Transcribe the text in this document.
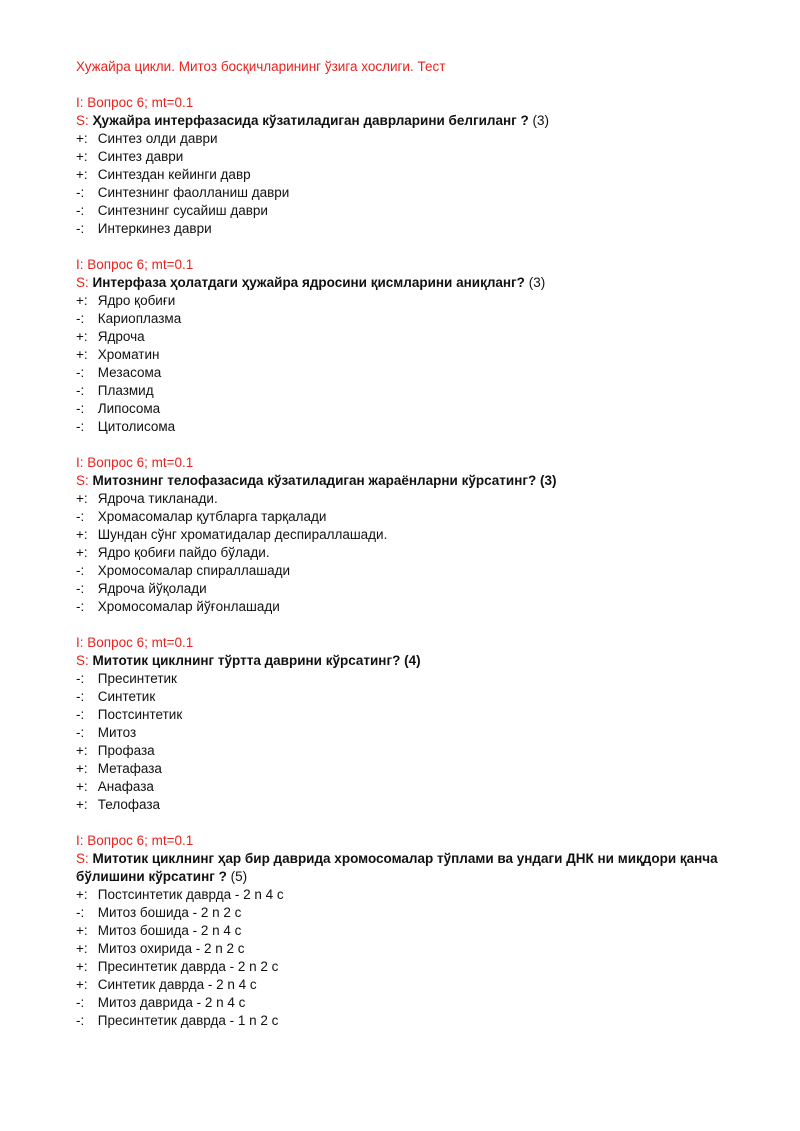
Хужайра цикли. Митоз босқичларининг ўзига хослиги. Тест
I: Вопрос 6; mt=0.1
S: Ҳужайра интерфазасида кўзатиладиган даврларини белгиланг ? (3)
+: Синтез олди даври
+: Синтез даври
+: Синтездан кейинги давр
-: Синтезнинг фаолланиш даври
-: Синтезнинг сусайиш даври
-: Интеркинез даври
I: Вопрос 6; mt=0.1
S: Интерфаза ҳолатдаги ҳужайра ядросини қисмларини аниқланг? (3)
+: Ядро қобиғи
-: Кариоплазма
+: Ядроча
+: Хроматин
-: Мезасома
-: Плазмид
-: Липосома
-: Цитолисома
I: Вопрос 6; mt=0.1
S: Митознинг телофазасида кўзатиладиган жараёнларни кўрсатинг? (3)
+: Ядроча тикланади.
-: Хромасомалар қутбларга тарқалади
+: Шундан сўнг хроматидалар деспираллашади.
+: Ядро қобиғи пайдо бўлади.
-: Хромосомалар спираллашади
-: Ядроча йўқолади
-: Хромосомалар йўғонлашади
I: Вопрос 6; mt=0.1
S: Митотик циклнинг тўртта даврини кўрсатинг? (4)
-: Пресинтетик
-: Синтетик
-: Постсинтетик
-: Митоз
+: Профаза
+: Метафаза
+: Анафаза
+: Телофаза
I: Вопрос 6; mt=0.1
S: Митотик циклнинг ҳар бир даврида хромосомалар тўплами ва ундаги ДНК ни миқдори қанча бўлишини кўрсатинг ? (5)
+: Постсинтетик даврда - 2 n 4 c
-: Митоз бошида - 2 n 2 c
+: Митоз бошида - 2 n 4 c
+: Митоз охирида - 2 n 2 c
+: Пресинтетик даврда - 2 n 2 c
+: Синтетик даврда - 2 n 4 c
-: Митоз даврида - 2 n 4 c
-: Пресинтетик даврда - 1 n 2 c
